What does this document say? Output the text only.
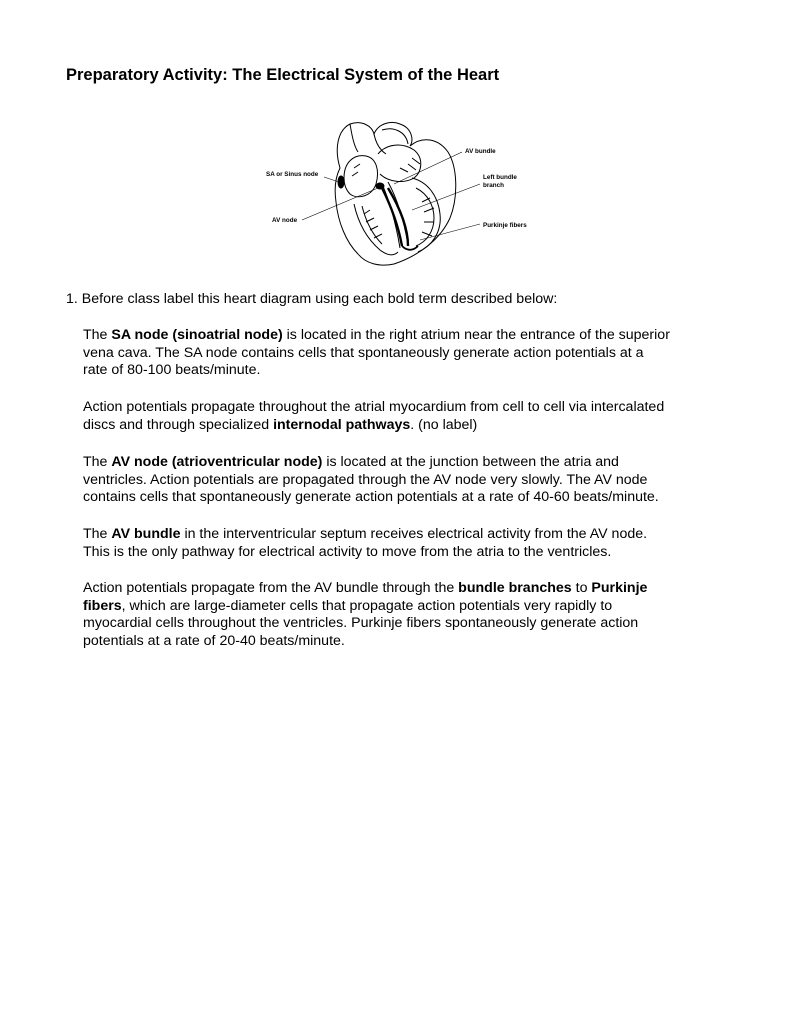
Preparatory Activity: The Electrical System of the Heart
SA or Sinus node
AV node
AV bundle
Left bundle
branch
Purkinje fibers

1. Before class label this heart diagram using each bold term described below:

The SA node (sinoatrial node) is located in the right atrium near the entrance of the superior
vena cava. The SA node contains cells that spontaneously generate action potentials at a
rate of 80-100 beats/minute.
Action potentials propagate throughout the atrial myocardium from cell to cell via intercalated
discs and through specialized internodal pathways. (no label)
The AV node (atrioventricular node) is located at the junction between the atria and
ventricles. Action potentials are propagated through the AV node very slowly. The AV node
contains cells that spontaneously generate action potentials at a rate of 40-60 beats/minute.
The AV bundle in the interventricular septum receives electrical activity from the AV node.
This is the only pathway for electrical activity to move from the atria to the ventricles.
Action potentials propagate from the AV bundle through the bundle branches to Purkinje
fibers, which are large-diameter cells that propagate action potentials very rapidly to
myocardial cells throughout the ventricles. Purkinje fibers spontaneously generate action
potentials at a rate of 20-40 beats/minute.
